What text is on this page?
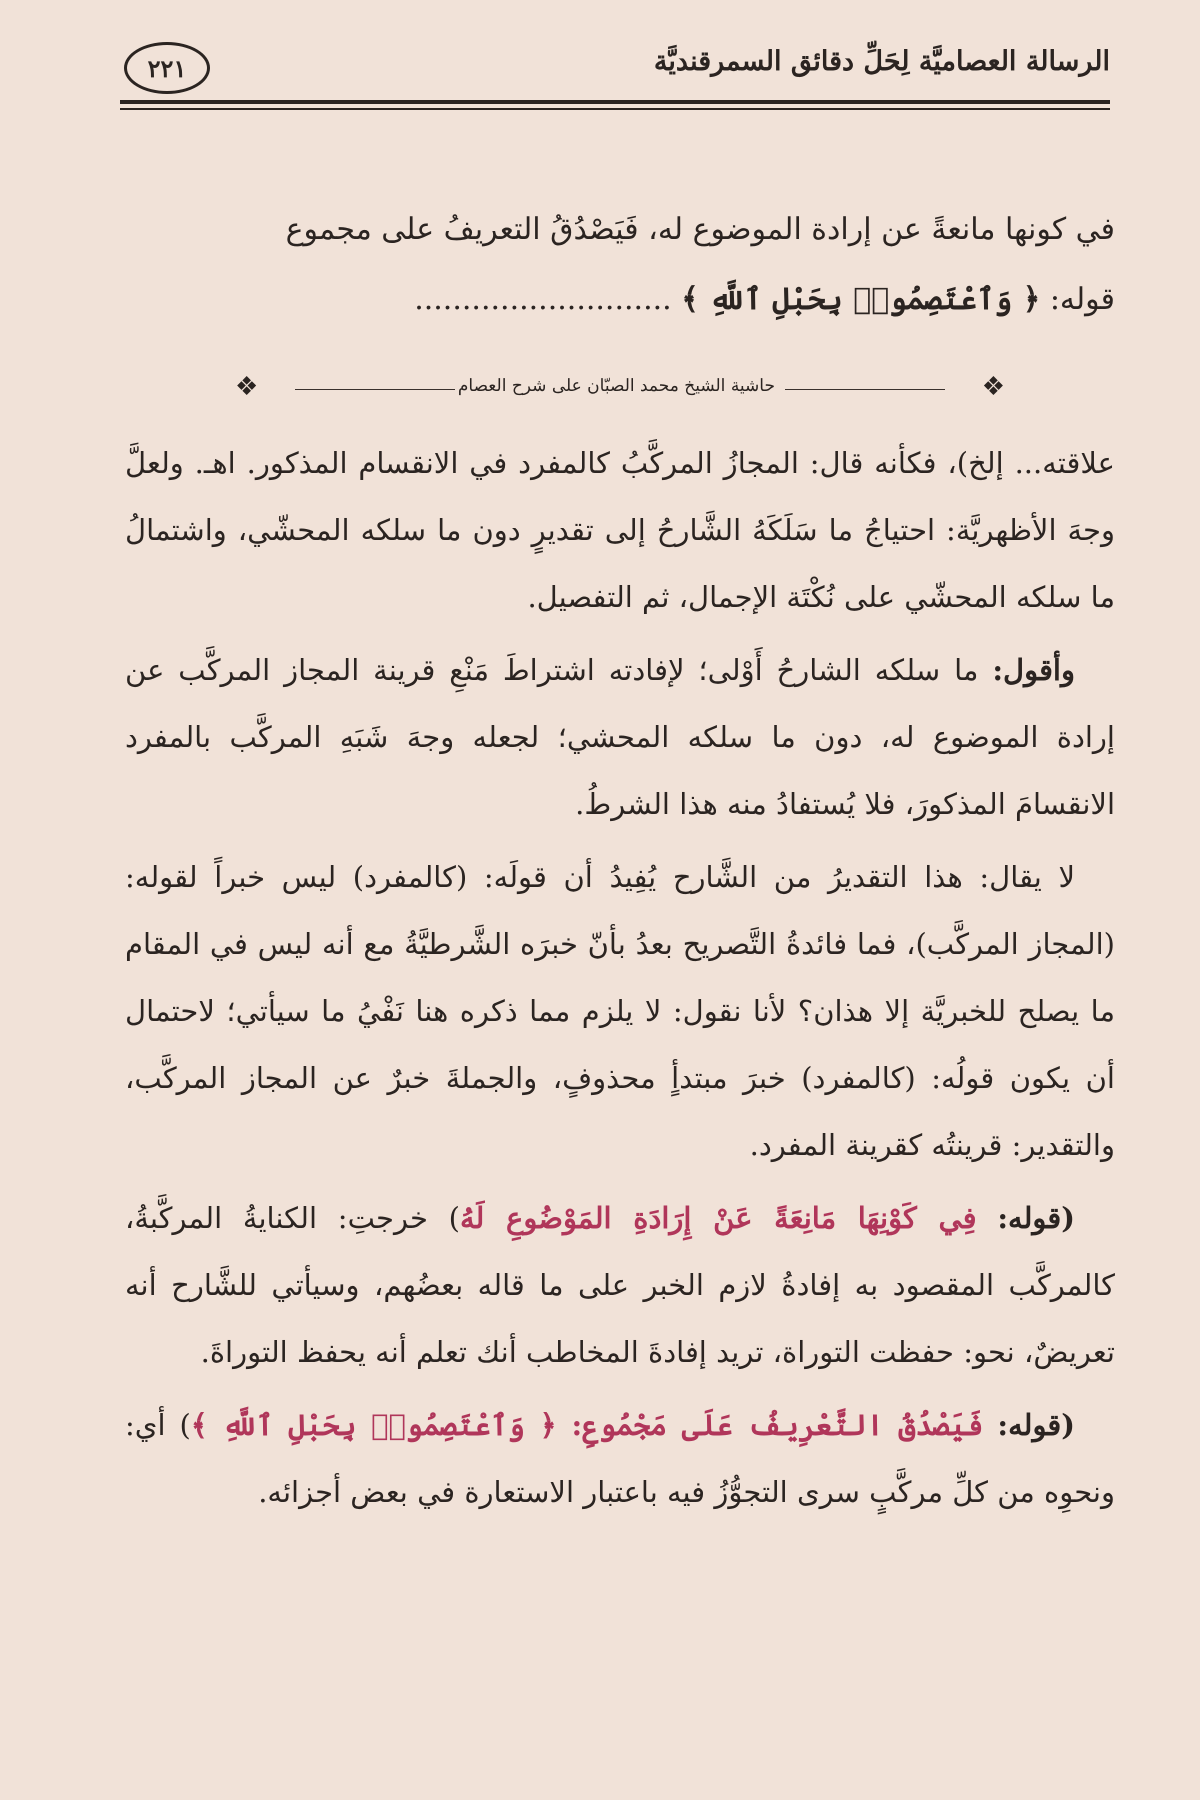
الرسالة العصاميَّة لِحَلِّ دقائق السمرقنديَّة
٢٢١

في كونها مانعةً عن إرادة الموضوع له، فَيَصْدُقُ التعريفُ على مجموع

قوله: ﴿ وَٱعْتَصِمُوا۟ بِحَبْلِ ٱللَّهِ ﴾ ...........................

❖	حاشية الشيخ محمد الصبّان على شرح العصام	❖

علاقته... إلخ)، فكأنه قال: المجازُ المركَّبُ كالمفرد في الانقسام المذكور. اهـ. ولعلَّ وجهَ الأظهريَّة: احتياجُ ما سَلَكَهُ الشَّارحُ إلى تقديرٍ دون ما سلكه المحشّي، واشتمالُ ما سلكه المحشّي على نُكْتَة الإجمال، ثم التفصيل.

وأقول: ما سلكه الشارحُ أَوْلى؛ لإفادته اشتراطَ مَنْعِ قرينة المجاز المركَّب عن إرادة الموضوع له، دون ما سلكه المحشي؛ لجعله وجهَ شَبَهِ المركَّب بالمفرد الانقسامَ المذكورَ، فلا يُستفادُ منه هذا الشرطُ.

لا يقال: هذا التقديرُ من الشَّارح يُفِيدُ أن قولَه: (كالمفرد) ليس خبراً لقوله: (المجاز المركَّب)، فما فائدةُ التَّصريح بعدُ بأنّ خبرَه الشَّرطيَّةُ مع أنه ليس في المقام ما يصلح للخبريَّة إلا هذان؟ لأنا نقول: لا يلزم مما ذكره هنا نَفْيُ ما سيأتي؛ لاحتمال أن يكون قولُه: (كالمفرد) خبرَ مبتدأٍ محذوفٍ، والجملةَ خبرٌ عن المجاز المركَّب، والتقدير: قرينتُه كقرينة المفرد.

(قوله: فِي كَوْنِهَا مَانِعَةً عَنْ إِرَادَةِ المَوْضُوعِ لَهُ) خرجتِ: الكنايةُ المركَّبةُ، كالمركَّب المقصود به إفادةُ لازم الخبر على ما قاله بعضُهم، وسيأتي للشَّارح أنه تعريضٌ، نحو: حفظت التوراة، تريد إفادةَ المخاطب أنك تعلم أنه يحفظ التوراةَ.

(قوله: فَيَصْدُقُ التَّعْرِيفُ عَلَى مَجْمُوعِ: ﴿ وَٱعْتَصِمُوا۟ بِحَبْلِ ٱللَّهِ ﴾) أي: ونحوِه من كلِّ مركَّبٍ سرى التجوُّزُ فيه باعتبار الاستعارة في بعض أجزائه.
